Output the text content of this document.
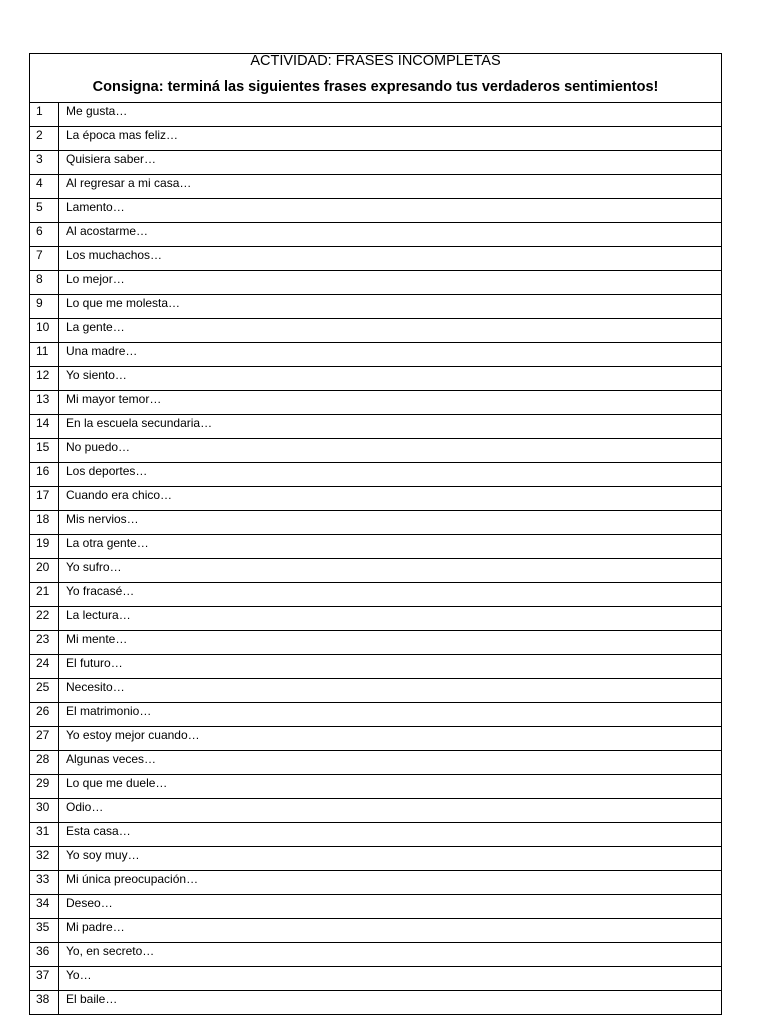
ACTIVIDAD: FRASES INCOMPLETAS
Consigna: terminá las siguientes frases expresando tus verdaderos sentimientos!	

1	Me gusta…
2	La época mas feliz…
3	Quisiera saber…
4	Al regresar a mi casa…
5	Lamento…
6	Al acostarme…
7	Los muchachos…
8	Lo mejor…
9	Lo que me molesta…
10	La gente…
11	Una madre…
12	Yo siento…
13	Mi mayor temor…
14	En la escuela secundaria…
15	No puedo…
16	Los deportes…
17	Cuando era chico…
18	Mis nervios…
19	La otra gente…
20	Yo sufro…
21	Yo fracasé…
22	La lectura…
23	Mi mente…
24	El futuro…
25	Necesito…
26	El matrimonio…
27	Yo estoy mejor cuando…
28	Algunas veces…
29	Lo que me duele…
30	Odio…
31	Esta casa…
32	Yo soy muy…
33	Mi única preocupación…
34	Deseo…
35	Mi padre…
36	Yo, en secreto…
37	Yo…
38	El baile…
